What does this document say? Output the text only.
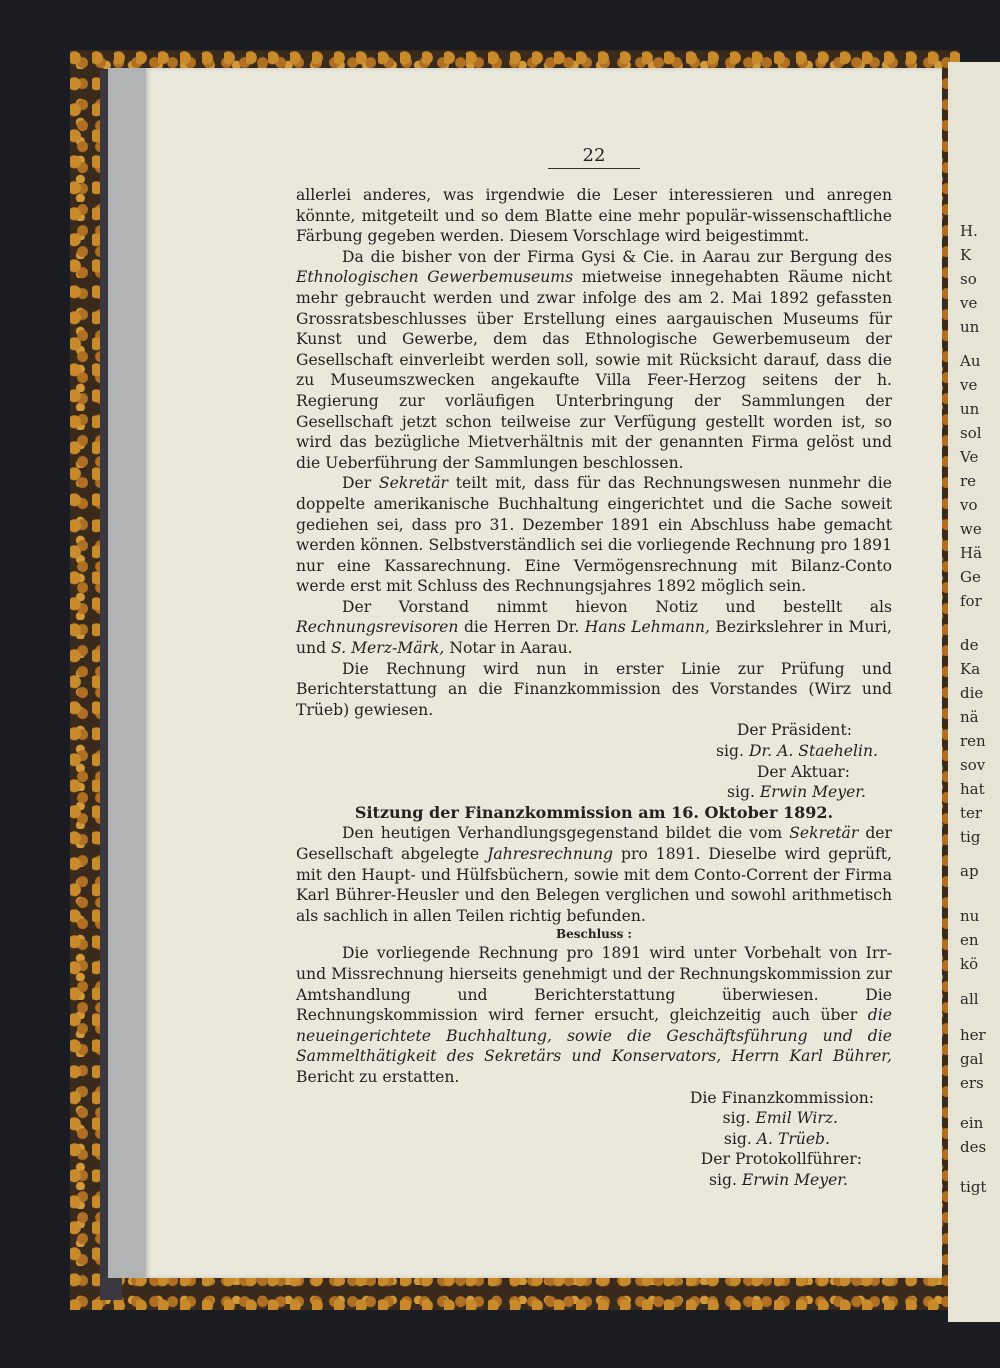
H.
K
so
ve
un
Au
ve
un
sol
Ve
re
vo
we
Hä
Ge
for
de
Ka
die
nä
ren
sov
hat
ter
tig
ap
nu
en
kö
all
her
gal
ers
ein
des
tigt
22

allerlei anderes, was irgendwie die Leser interessieren und anregen könnte, mitgeteilt und so dem Blatte eine mehr populär-wissenschaftliche Färbung gegeben werden. Diesem Vorschlage wird beigestimmt.

Da die bisher von der Firma Gysi & Cie. in Aarau zur Bergung des Ethnologischen Gewerbemuseums mietweise innegehabten Räume nicht mehr gebraucht werden und zwar infolge des am 2. Mai 1892 gefassten Grossratsbeschlusses über Erstellung eines aargauischen Museums für Kunst und Gewerbe, dem das Ethnologische Gewerbemuseum der Gesellschaft einverleibt werden soll, sowie mit Rücksicht darauf, dass die zu Museumszwecken angekaufte Villa Feer-Herzog seitens der h. Regierung zur vorläufigen Unterbringung der Sammlungen der Gesellschaft jetzt schon teilweise zur Verfügung gestellt worden ist, so wird das bezügliche Mietverhältnis mit der genannten Firma gelöst und die Ueberführung der Sammlungen beschlossen.

Der Sekretär teilt mit, dass für das Rechnungswesen nunmehr die doppelte amerikanische Buchhaltung eingerichtet und die Sache soweit gediehen sei, dass pro 31. Dezember 1891 ein Abschluss habe gemacht werden können. Selbstverständlich sei die vorliegende Rechnung pro 1891 nur eine Kassarechnung. Eine Vermögensrechnung mit Bilanz-Conto werde erst mit Schluss des Rechnungsjahres 1892 möglich sein.

Der Vorstand nimmt hievon Notiz und bestellt als Rechnungsrevisoren die Herren Dr. Hans Lehmann, Bezirkslehrer in Muri, und S. Merz-Märk, Notar in Aarau.

Die Rechnung wird nun in erster Linie zur Prüfung und Berichterstattung an die Finanzkommission des Vorstandes (Wirz und Trüeb) gewiesen.

Der Präsident:
sig. Dr. A. Staehelin.
Der Aktuar:
sig. Erwin Meyer.

Sitzung der Finanzkommission am 16. Oktober 1892.

Den heutigen Verhandlungsgegenstand bildet die vom Sekretär der Gesellschaft abgelegte Jahresrechnung pro 1891. Dieselbe wird geprüft, mit den Haupt- und Hülfsbüchern, sowie mit dem Conto-Corrent der Firma Karl Bührer-Heusler und den Belegen verglichen und sowohl arithmetisch als sachlich in allen Teilen richtig befunden.

Beschluss :

Die vorliegende Rechnung pro 1891 wird unter Vorbehalt von Irr- und Missrechnung hierseits genehmigt und der Rechnungskommission zur Amtshandlung und Berichterstattung überwiesen. Die Rechnungskommission wird ferner ersucht, gleichzeitig auch über die neueingerichtete Buchhaltung, sowie die Geschäftsführung und die Sammelthätigkeit des Sekretärs und Konservators, Herrn Karl Bührer, Bericht zu erstatten.

Die Finanzkommission:
sig. Emil Wirz.
sig. A. Trüeb.
Der Protokollführer:
sig. Erwin Meyer.
